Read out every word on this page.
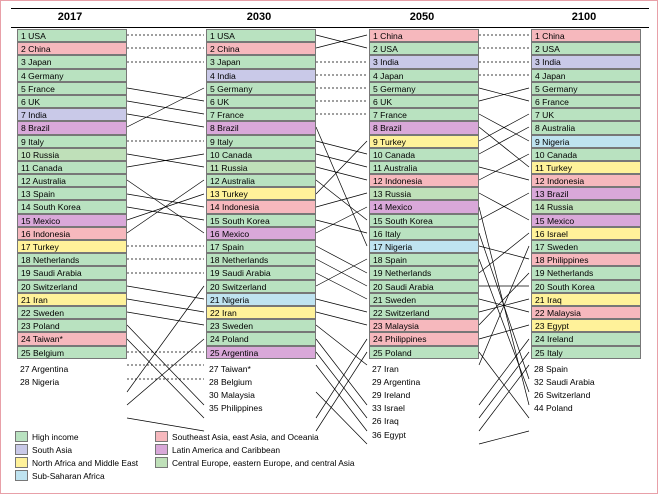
2017	2030	2050	2100
1 USA
2 China
3 Japan
4 Germany
5 France
6 UK
7 India
8 Brazil
9 Italy
10 Russia
11 Canada
12 Australia
13 Spain
14 South Korea
15 Mexico
16 Indonesia
17 Turkey
18 Netherlands
19 Saudi Arabia
20 Switzerland
21 Iran
22 Sweden
23 Poland
24 Taiwan*
25 Belgium
27 Argentina
28 Nigeria
1 USA
2 China
3 Japan
4 India
5 Germany
6 UK
7 France
8 Brazil
9 Italy
10 Canada
11 Russia
12 Australia
13 Turkey
14 Indonesia
15 South Korea
16 Mexico
17 Spain
18 Netherlands
19 Saudi Arabia
20 Switzerland
21 Nigeria
22 Iran
23 Sweden
24 Poland
25 Argentina
27 Taiwan*
28 Belgium
30 Malaysia
35 Philippines
1 China
2 USA
3 India
4 Japan
5 Germany
6 UK
7 France
8 Brazil
9 Turkey
10 Canada
11 Australia
12 Indonesia
13 Russia
14 Mexico
15 South Korea
16 Italy
17 Nigeria
18 Spain
19 Netherlands
20 Saudi Arabia
21 Sweden
22 Switzerland
23 Malaysia
24 Philippines
25 Poland
27 Iran
29 Argentina
29 Ireland
33 Israel
26 Iraq
36 Egypt
1 China
2 USA
3 India
4 Japan
5 Germany
6 France
7 UK
8 Australia
9 Nigeria
10 Canada
11 Turkey
12 Indonesia
13 Brazil
14 Russia
15 Mexico
16 Israel
17 Sweden
18 Philippines
19 Netherlands
20 South Korea
21 Iraq
22 Malaysia
23 Egypt
24 Ireland
25 Italy
28 Spain
32 Saudi Arabia
26 Switzerland
44 Poland
High income	Southeast Asia, east Asia, and Oceania
South Asia	Latin America and Caribbean
North Africa and Middle East	Central Europe, eastern Europe, and central Asia
Sub-Saharan Africa
